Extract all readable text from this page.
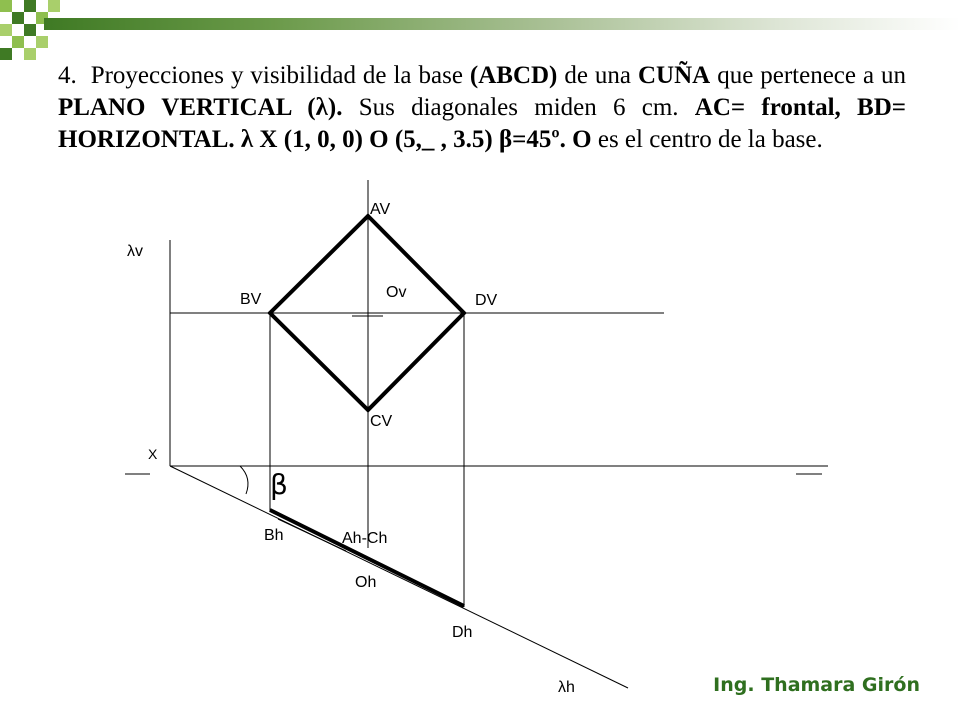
4. Proyecciones y visibilidad de la base (ABCD) de una CUÑA que pertenece a un PLANO VERTICAL (λ). Sus diagonales miden 6 cm. AC= frontal, BD= HORIZONTAL. λ X (1, 0, 0) O (5,_ , 3.5) β=45º. O es el centro de la base.
AV
BV
CV
DV
Ov
λv
λh
X
β
Bh	Ah-Ch
Oh
Dh
Ing. Thamara Girón
